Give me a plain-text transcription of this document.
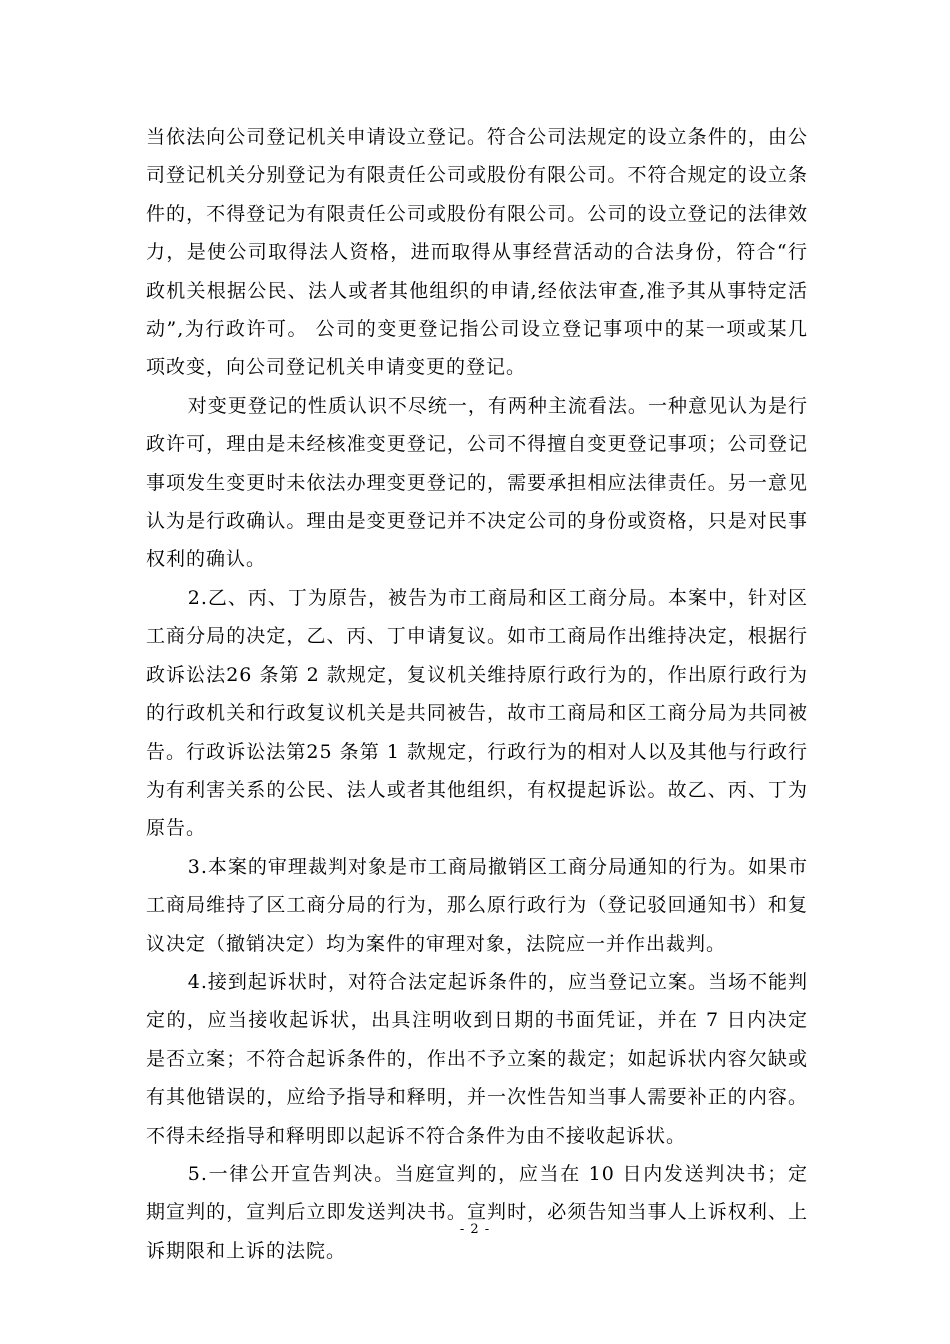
当依法向公司登记机关申请设立登记。符合公司法规定的设立条件的，由公司登记机关分别登记为有限责任公司或股份有限公司。不符合规定的设立条件的，不得登记为有限责任公司或股份有限公司。公司的设立登记的法律效力，是使公司取得法人资格，进而取得从事经营活动的合法身份，符合“行政机关根据公民、法人或者其他组织的申请,经依法审查,准予其从事特定活动”,为行政许可。 公司的变更登记指公司设立登记事项中的某一项或某几项改变，向公司登记机关申请变更的登记。

对变更登记的性质认识不尽统一，有两种主流看法。一种意见认为是行政许可，理由是未经核准变更登记，公司不得擅自变更登记事项；公司登记事项发生变更时未依法办理变更登记的，需要承担相应法律责任。另一意见认为是行政确认。理由是变更登记并不决定公司的身份或资格，只是对民事权利的确认。

2.乙、丙、丁为原告，被告为市工商局和区工商分局。本案中，针对区工商分局的决定，乙、丙、丁申请复议。如市工商局作出维持决定，根据行政诉讼法26 条第 2 款规定，复议机关维持原行政行为的，作出原行政行为的行政机关和行政复议机关是共同被告，故市工商局和区工商分局为共同被告。行政诉讼法第25 条第 1 款规定，行政行为的相对人以及其他与行政行为有利害关系的公民、法人或者其他组织，有权提起诉讼。故乙、丙、丁为原告。

3.本案的审理裁判对象是市工商局撤销区工商分局通知的行为。如果市工商局维持了区工商分局的行为，那么原行政行为（登记驳回通知书）和复议决定（撤销决定）均为案件的审理对象，法院应一并作出裁判。

4.接到起诉状时，对符合法定起诉条件的，应当登记立案。当场不能判定的，应当接收起诉状，出具注明收到日期的书面凭证，并在 7 日内决定是否立案；不符合起诉条件的，作出不予立案的裁定；如起诉状内容欠缺或有其他错误的，应给予指导和释明，并一次性告知当事人需要补正的内容。不得未经指导和释明即以起诉不符合条件为由不接收起诉状。

5.一律公开宣告判决。当庭宣判的，应当在 10 日内发送判决书；定期宣判的，宣判后立即发送判决书。宣判时，必须告知当事人上诉权利、上诉期限和上诉的法院。

- 2 -
